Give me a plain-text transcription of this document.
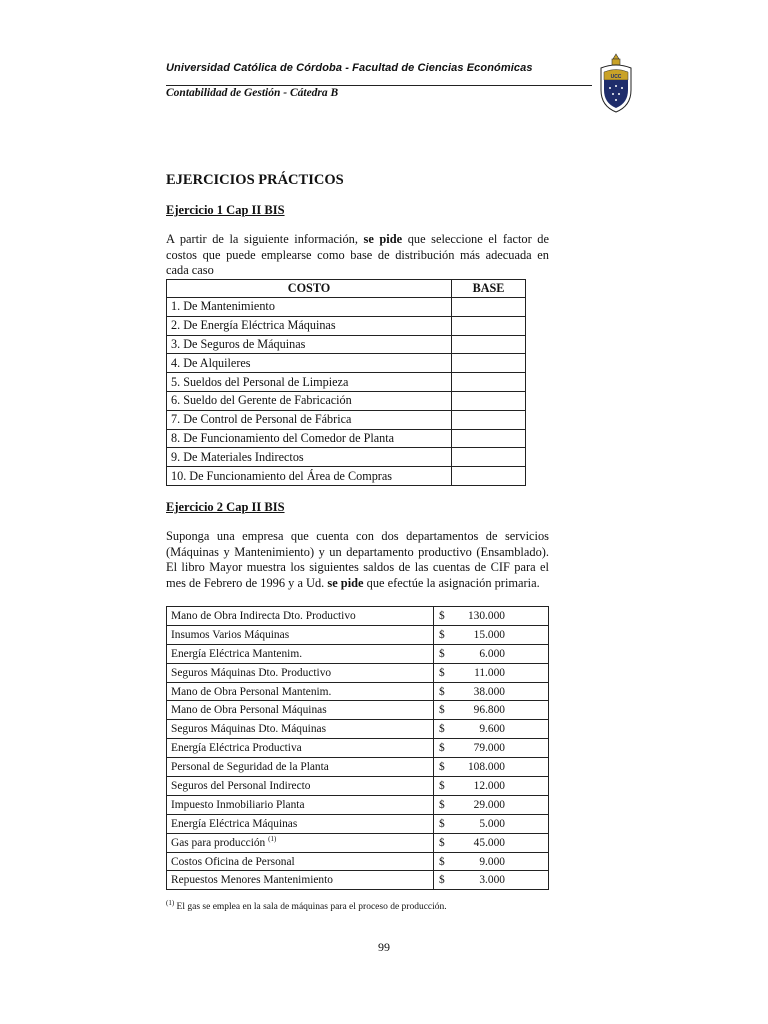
Universidad Católica de Córdoba - Facultad de Ciencias Económicas
Contabilidad de Gestión - Cátedra B
UCC
EJERCICIOS PRÁCTICOS
Ejercicio 1 Cap II BIS
A partir de la siguiente información, se pide que seleccione el factor de costos que puede emplearse como base de distribución más adecuada en cada caso
COSTO	BASE
1. De Mantenimiento	
2. De Energía Eléctrica Máquinas	
3. De Seguros de Máquinas	
4. De Alquileres	
5. Sueldos del Personal de Limpieza	
6. Sueldo del Gerente de Fabricación	
7. De Control de Personal de Fábrica	
8. De Funcionamiento del Comedor de Planta	
9. De Materiales Indirectos	
10. De Funcionamiento del Área de Compras	
Ejercicio 2 Cap II BIS
Suponga una empresa que cuenta con dos departamentos de servicios (Máquinas y Mantenimiento) y un departamento productivo (Ensamblado). El libro Mayor muestra los siguientes saldos de las cuentas de CIF para el mes de Febrero de 1996 y a Ud. se pide que efectúe la asignación primaria.
Mano de Obra Indirecta Dto. Productivo	$	130.000
Insumos Varios Máquinas	$	15.000
Energía Eléctrica Mantenim.	$	6.000
Seguros Máquinas Dto. Productivo	$	11.000
Mano de Obra Personal Mantenim.	$	38.000
Mano de Obra Personal Máquinas	$	96.800
Seguros Máquinas Dto. Máquinas	$	9.600
Energía Eléctrica Productiva	$	79.000
Personal de Seguridad de la Planta	$	108.000
Seguros del Personal Indirecto	$	12.000
Impuesto Inmobiliario Planta	$	29.000
Energía Eléctrica Máquinas	$	5.000
Gas para producción $^{(1)}$	$	45.000
Costos Oficina de Personal	$	9.000
Repuestos Menores Mantenimiento	$	3.000
$^{(1)}$ El gas se emplea en la sala de máquinas para el proceso de producción.
99
